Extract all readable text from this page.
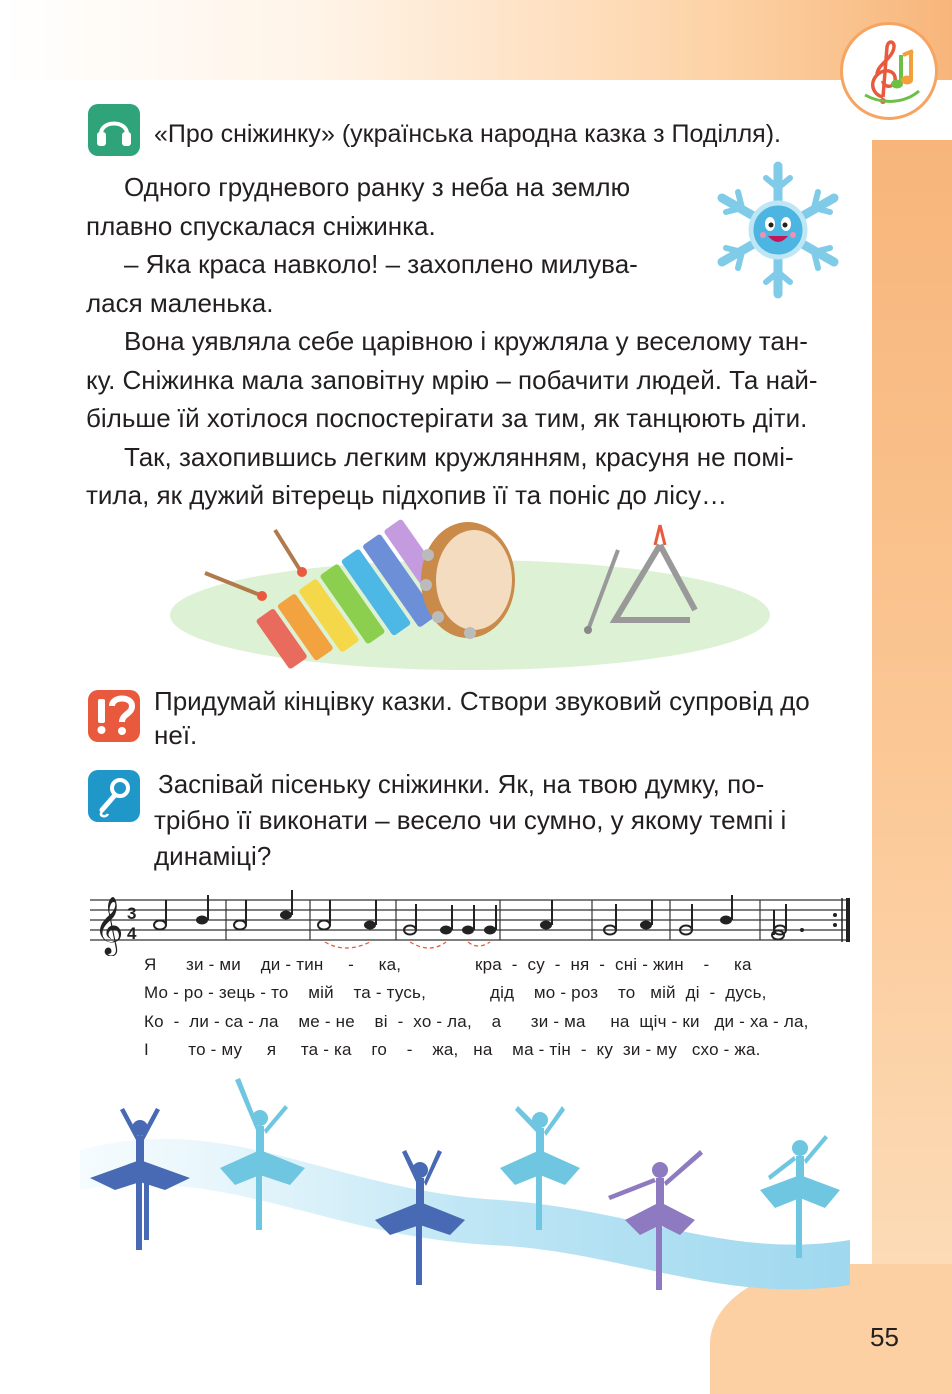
«Про сніжинку» (українська народна казка з Поділля).
Одного грудневого ранку з неба на землю
плавно спускалася сніжинка.
– Яка краса навколо! – захоплено милува-
лася маленька.
Вона уявляла себе царівною і кружляла у веселому тан-
ку. Сніжинка мала заповітну мрію – побачити людей. Та най-
більше їй хотілося поспостерігати за тим, як танцюють діти.
Так, захопившись легким кружлянням, красуня не помі-
тила, як дужий вітерець підхопив її та поніс до лісу…
Придумай кінцівку казки. Створи звуковий супровід до
неї.
Заспівай пісеньку сніжинки. Як, на твою думку, по-
трібно її виконати – весело чи сумно, у якому темпі і
динаміці?
𝄞 3
4
Я      зи - ми    ди - тин     -     ка,               кра  -  су  -  ня  -  сні - жин    -     ка
Мо - ро - зець - то    мій    та - тусь,             дід    мо - роз    то   мій  ді  -  дусь,
Ко  -  ли - са - ла    ме - не    ві  -  хо - ла,    а      зи - ма     на  щіч - ки   ди - ха - ла,
І        то - му     я     та - ка    го    -    жа,   на    ма - тін  -  ку  зи - му   схо - жа.
55
